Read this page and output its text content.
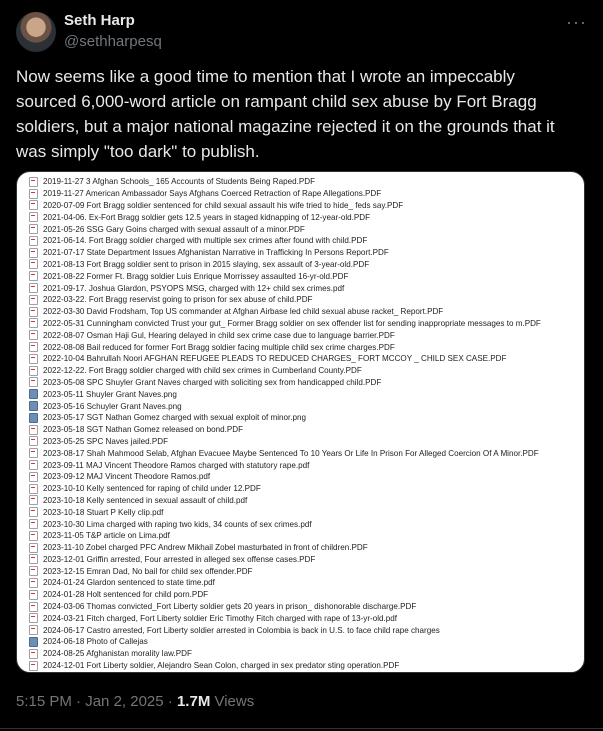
Seth Harp
@sethharpesq
···
Now seems like a good time to mention that I wrote an impeccably sourced 6,000-word article on rampant child sex abuse by Fort Bragg soldiers, but a major national magazine rejected it on the grounds that it was simply "too dark" to publish.
2019-11-27 3 Afghan Schools_ 165 Accounts of Students Being Raped.PDF
2019-11-27 American Ambassador Says Afghans Coerced Retraction of Rape Allegations.PDF
2020-07-09 Fort Bragg soldier sentenced for child sexual assault his wife tried to hide_ feds say.PDF
2021-04-06. Ex-Fort Bragg soldier gets 12.5 years in staged kidnapping of 12-year-old.PDF
2021-05-26 SSG Gary Goins charged with sexual assault of a minor.PDF
2021-06-14. Fort Bragg soldier charged with multiple sex crimes after found with child.PDF
2021-07-17 State Department Issues Afghanistan Narrative in Trafficking In Persons Report.PDF
2021-08-13 Fort Bragg soldier sent to prison in 2015 slaying, sex assault of 3-year-old.PDF
2021-08-22 Former Ft. Bragg soldier Luis Enrique Morrissey assaulted 16-yr-old.PDF
2021-09-17. Joshua Glardon, PSYOPS MSG, charged with 12+ child sex crimes.pdf
2022-03-22. Fort Bragg reservist going to prison for sex abuse of child.PDF
2022-03-30 David Frodsham, Top US commander at Afghan Airbase led child sexual abuse racket_ Report.PDF
2022-05-31 Cunningham convicted Trust your gut_ Former Bragg soldier on sex offender list for sending inappropriate messages to m.PDF
2022-08-07 Osman Haji Gul, Hearing delayed in child sex crime case due to language barrier.PDF
2022-08-08 Bail reduced for former Fort Bragg soldier facing multiple child sex crime charges.PDF
2022-10-04 Bahrullah Noori AFGHAN REFUGEE PLEADS TO REDUCED CHARGES_ FORT MCCOY _ CHILD SEX CASE.PDF
2022-12-22. Fort Bragg soldier charged with child sex crimes in Cumberland County.PDF
2023-05-08 SPC Shuyler Grant Naves charged with soliciting sex from handicapped child.PDF
2023-05-11 Shuyler Grant Naves.png
2023-05-16 Schuyler Grant Naves.png
2023-05-17 SGT Nathan Gomez charged with sexual exploit of minor.png
2023-05-18 SGT Nathan Gomez released on bond.PDF
2023-05-25 SPC Naves jailed.PDF
2023-08-17 Shah Mahmood Selab, Afghan Evacuee Maybe Sentenced To 10 Years Or Life In Prison For Alleged Coercion Of A Minor.PDF
2023-09-11 MAJ Vincent Theodore Ramos charged with statutory rape.pdf
2023-09-12 MAJ Vincent Theodore Ramos.pdf
2023-10-10 Kelly sentenced for raping of child under 12.PDF
2023-10-18 Kelly sentenced in sexual assault of child.pdf
2023-10-18 Stuart P Kelly clip.pdf
2023-10-30 Lima charged with raping two kids, 34 counts of sex crimes.pdf
2023-11-05 T&P article on Lima.pdf
2023-11-10 Zobel charged PFC Andrew Mikhail Zobel masturbated in front of children.PDF
2023-12-01 Griffin arrested, Four arrested in alleged sex offense cases.PDF
2023-12-15 Emran Dad, No bail for child sex offender.PDF
2024-01-24 Glardon sentenced to state time.pdf
2024-01-28 Holt sentenced for child porn.PDF
2024-03-06 Thomas convicted_Fort Liberty soldier gets 20 years in prison_ dishonorable discharge.PDF
2024-03-21 Fitch charged, Fort Liberty soldier Eric Timothy Fitch charged with rape of 13-yr-old.pdf
2024-06-17 Castro arrested, Fort Liberty soldier arrested in Colombia is back in U.S. to face child rape charges
2024-06-18 Photo of Callejas
2024-08-25 Afghanistan morality law.PDF
2024-12-01 Fort Liberty soldier, Alejandro Sean Colon, charged in sex predator sting operation.PDF
5:15 PM · Jan 2, 2025 · 1.7M Views
